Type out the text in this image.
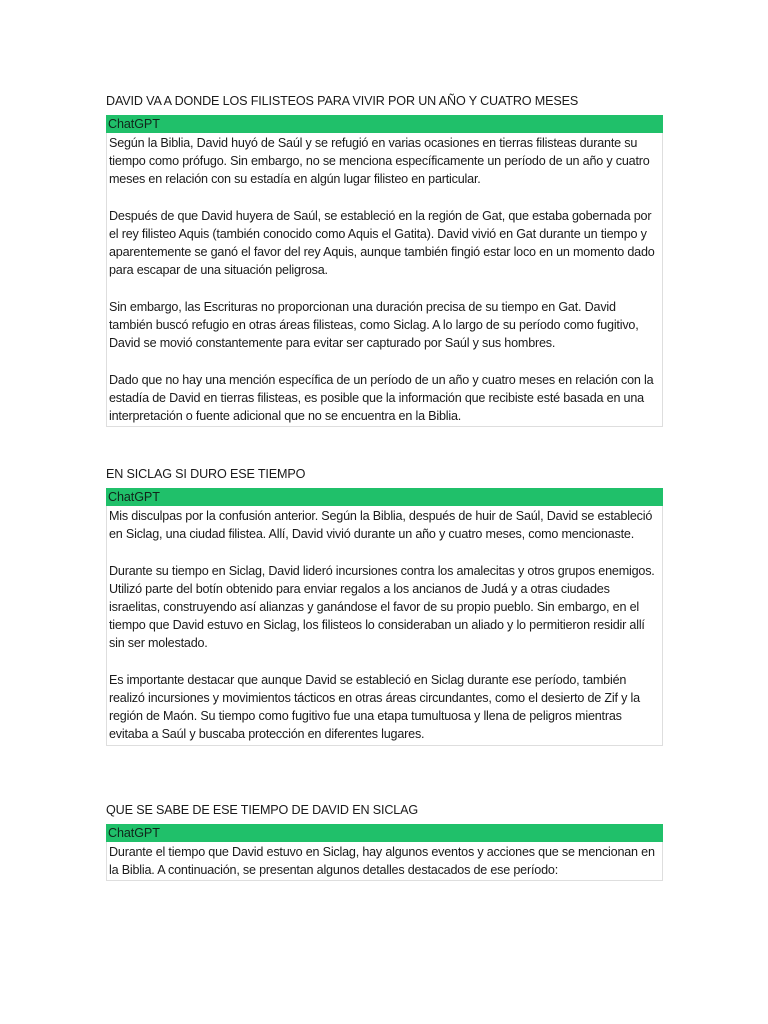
DAVID VA A DONDE LOS FILISTEOS PARA VIVIR POR UN AÑO Y CUATRO MESES
ChatGPT

Según la Biblia, David huyó de Saúl y se refugió en varias ocasiones en tierras filisteas durante su tiempo como prófugo. Sin embargo, no se menciona específicamente un período de un año y cuatro meses en relación con su estadía en algún lugar filisteo en particular.

Después de que David huyera de Saúl, se estableció en la región de Gat, que estaba gobernada por el rey filisteo Aquis (también conocido como Aquis el Gatita). David vivió en Gat durante un tiempo y aparentemente se ganó el favor del rey Aquis, aunque también fingió estar loco en un momento dado para escapar de una situación peligrosa.

Sin embargo, las Escrituras no proporcionan una duración precisa de su tiempo en Gat. David también buscó refugio en otras áreas filisteas, como Siclag. A lo largo de su período como fugitivo, David se movió constantemente para evitar ser capturado por Saúl y sus hombres.

Dado que no hay una mención específica de un período de un año y cuatro meses en relación con la estadía de David en tierras filisteas, es posible que la información que recibiste esté basada en una interpretación o fuente adicional que no se encuentra en la Biblia.

EN SICLAG SI DURO ESE TIEMPO
ChatGPT

Mis disculpas por la confusión anterior. Según la Biblia, después de huir de Saúl, David se estableció en Siclag, una ciudad filistea. Allí, David vivió durante un año y cuatro meses, como mencionaste.

Durante su tiempo en Siclag, David lideró incursiones contra los amalecitas y otros grupos enemigos. Utilizó parte del botín obtenido para enviar regalos a los ancianos de Judá y a otras ciudades israelitas, construyendo así alianzas y ganándose el favor de su propio pueblo. Sin embargo, en el tiempo que David estuvo en Siclag, los filisteos lo consideraban un aliado y lo permitieron residir allí sin ser molestado.

Es importante destacar que aunque David se estableció en Siclag durante ese período, también realizó incursiones y movimientos tácticos en otras áreas circundantes, como el desierto de Zif y la región de Maón. Su tiempo como fugitivo fue una etapa tumultuosa y llena de peligros mientras evitaba a Saúl y buscaba protección en diferentes lugares.

QUE SE SABE DE ESE TIEMPO DE DAVID EN SICLAG
ChatGPT

Durante el tiempo que David estuvo en Siclag, hay algunos eventos y acciones que se mencionan en la Biblia. A continuación, se presentan algunos detalles destacados de ese período:
